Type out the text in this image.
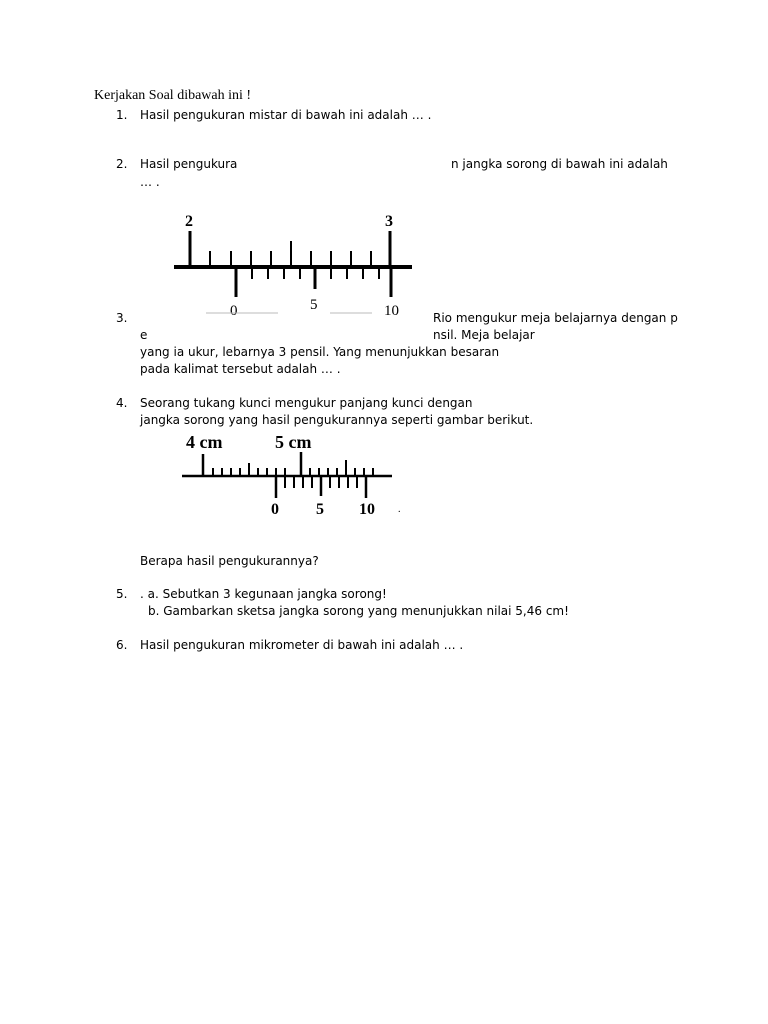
Kerjakan Soal dibawah ini !
1. Hasil pengukuran mistar di bawah ini adalah … .
2. Hasil pengukura	n jangka sorong di bawah ini adalah
… .
2	3
0	5	10
3.	Rio mengukur meja belajarnya dengan p
e	nsil. Meja belajar
yang ia ukur, lebarnya 3 pensil. Yang menunjukkan besaran
pada kalimat tersebut adalah … .
4. Seorang tukang kunci mengukur panjang kunci dengan
jangka sorong yang hasil pengukurannya seperti gambar berikut.
4 cm	5 cm
0 5 10 .
Berapa hasil pengukurannya?
5. . a. Sebutkan 3 kegunaan jangka sorong!
b. Gambarkan sketsa jangka sorong yang menunjukkan nilai 5,46 cm!
6. Hasil pengukuran mikrometer di bawah ini adalah … .
